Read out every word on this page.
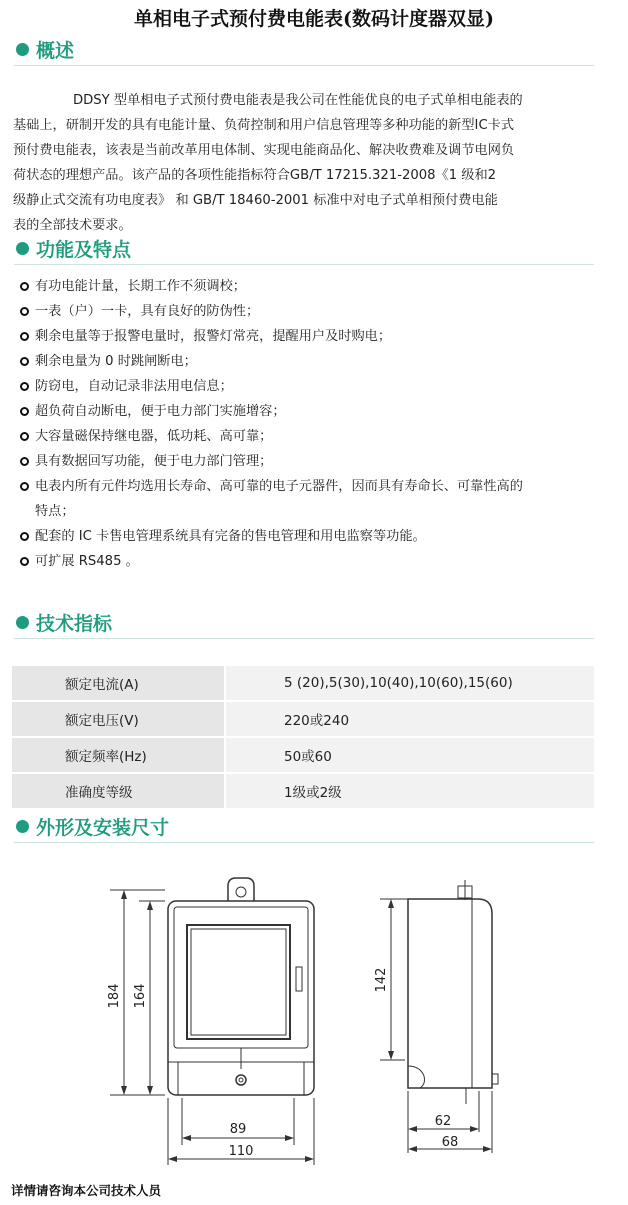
单相电子式预付费电能表(数码计度器双显)
概述
DDSY 型单相电子式预付费电能表是我公司在性能优良的电子式单相电能表的
基础上，研制开发的具有电能计量、负荷控制和用户信息管理等多种功能的新型IC卡式
预付费电能表，该表是当前改革用电体制、实现电能商品化、解决收费难及调节电网负
荷状态的理想产品。该产品的各项性能指标符合GB/T 17215.321-2008《1 级和2
级静止式交流有功电度表》 和 GB/T 18460-2001 标准中对电子式单相预付费电能
表的全部技术要求。
功能及特点
有功电能计量，长期工作不须调校；
一表（户）一卡，具有良好的防伪性；
剩余电量等于报警电量时，报警灯常亮，提醒用户及时购电；
剩余电量为 0 时跳闸断电；
防窃电，自动记录非法用电信息；
超负荷自动断电，便于电力部门实施增容；
大容量磁保持继电器，低功耗、高可靠；
具有数据回写功能，便于电力部门管理；
电表内所有元件均选用长寿命、高可靠的电子元器件，因而具有寿命长、可靠性高的
特点；
配套的 IC 卡售电管理系统具有完备的售电管理和用电监察等功能。
可扩展 RS485 。
技术指标
额定电流(A)	5 (20),5(30),10(40),10(60),15(60)
额定电压(V)	220或240
额定频率(Hz)	50或60
准确度等级	1级或2级
外形及安装尺寸
184 164
89
110
142
62
68
详情请咨询本公司技术人员
